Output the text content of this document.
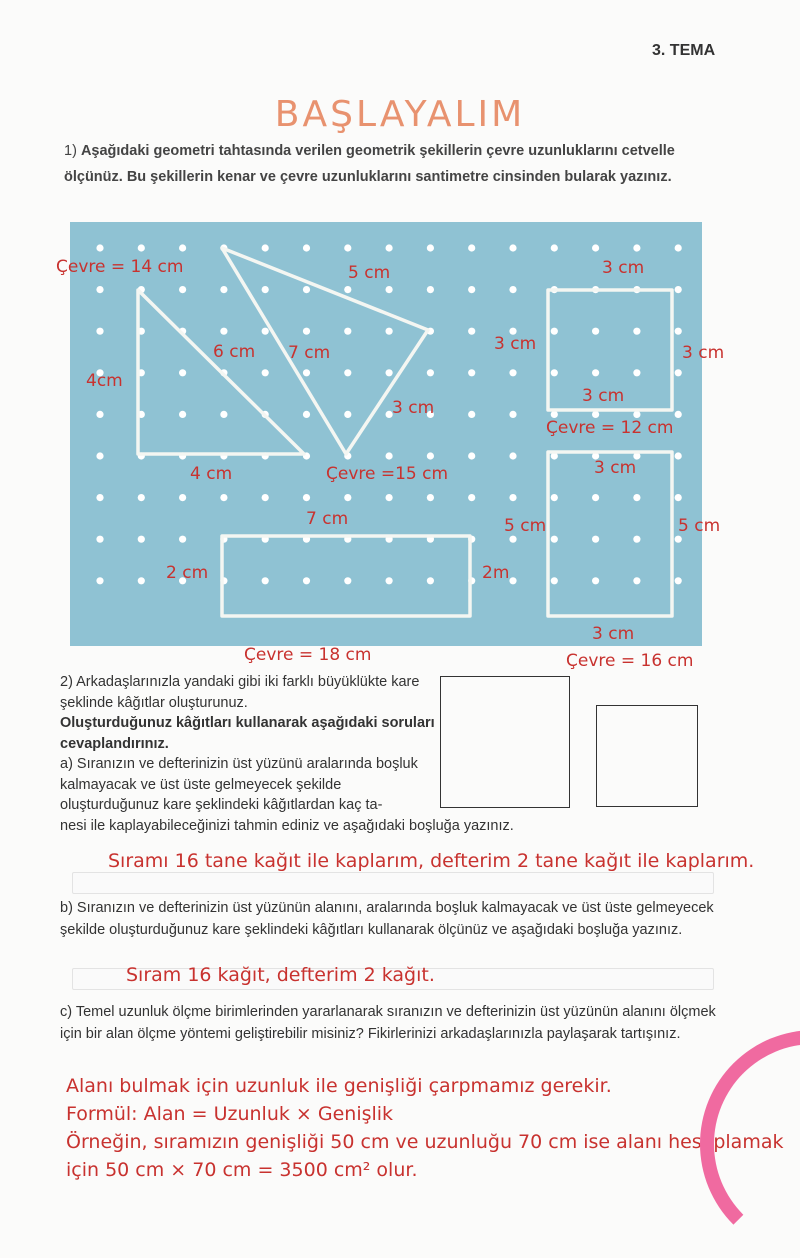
3. TEMA
BAŞLAYALIM
1) Aşağıdaki geometri tahtasında verilen geometrik şekillerin çevre uzunluklarını cetvelle ölçünüz. Bu şekillerin kenar ve çevre uzunluklarını santimetre cinsinden bularak yazınız.
Çevre = 14 cm
4cm
6 cm
4 cm
5 cm
7 cm	3 cm
3 cm
Çevre =15 cm
3 cm
3 cm
3 cm
Çevre = 12 cm
3 cm
5 cm	5 cm
3 cm
Çevre = 16 cm
7 cm
2 cm	2m
Çevre = 18 cm
2) Arkadaşlarınızla yandaki gibi iki farklı büyüklükte kare şeklinde kâğıtlar oluşturunuz.
Oluşturduğunuz kâğıtları kullanarak aşağıdaki soruları cevaplandırınız.
a) Sıranızın ve defterinizin üst yüzünü aralarında boşluk kalmayacak ve üst üste gelmeyecek şekilde oluşturduğunuz kare şeklindeki kâğıtlardan kaç ta-
nesi ile kaplayabileceğinizi tahmin ediniz ve aşağıdaki boşluğa yazınız.
Sıramı 16 tane kağıt ile kaplarım, defterim 2 tane kağıt ile kaplarım.
b) Sıranızın ve defterinizin üst yüzünün alanını, aralarında boşluk kalmayacak ve üst üste gelmeyecek şekilde oluşturduğunuz kare şeklindeki kâğıtları kullanarak ölçünüz ve aşağıdaki boşluğa yazınız.
Sıram 16 kağıt, defterim 2 kağıt.
c) Temel uzunluk ölçme birimlerinden yararlanarak sıranızın ve defterinizin üst yüzünün alanını ölçmek için bir alan ölçme yöntemi geliştirebilir misiniz? Fikirlerinizi arkadaşlarınızla paylaşarak tartışınız.
Alanı bulmak için uzunluk ile genişliği çarpmamız gerekir.
Formül: Alan = Uzunluk × Genişlik
Örneğin, sıramızın genişliği 50 cm ve uzunluğu 70 cm ise alanı hesaplamak
için 50 cm × 70 cm = 3500 cm² olur.
